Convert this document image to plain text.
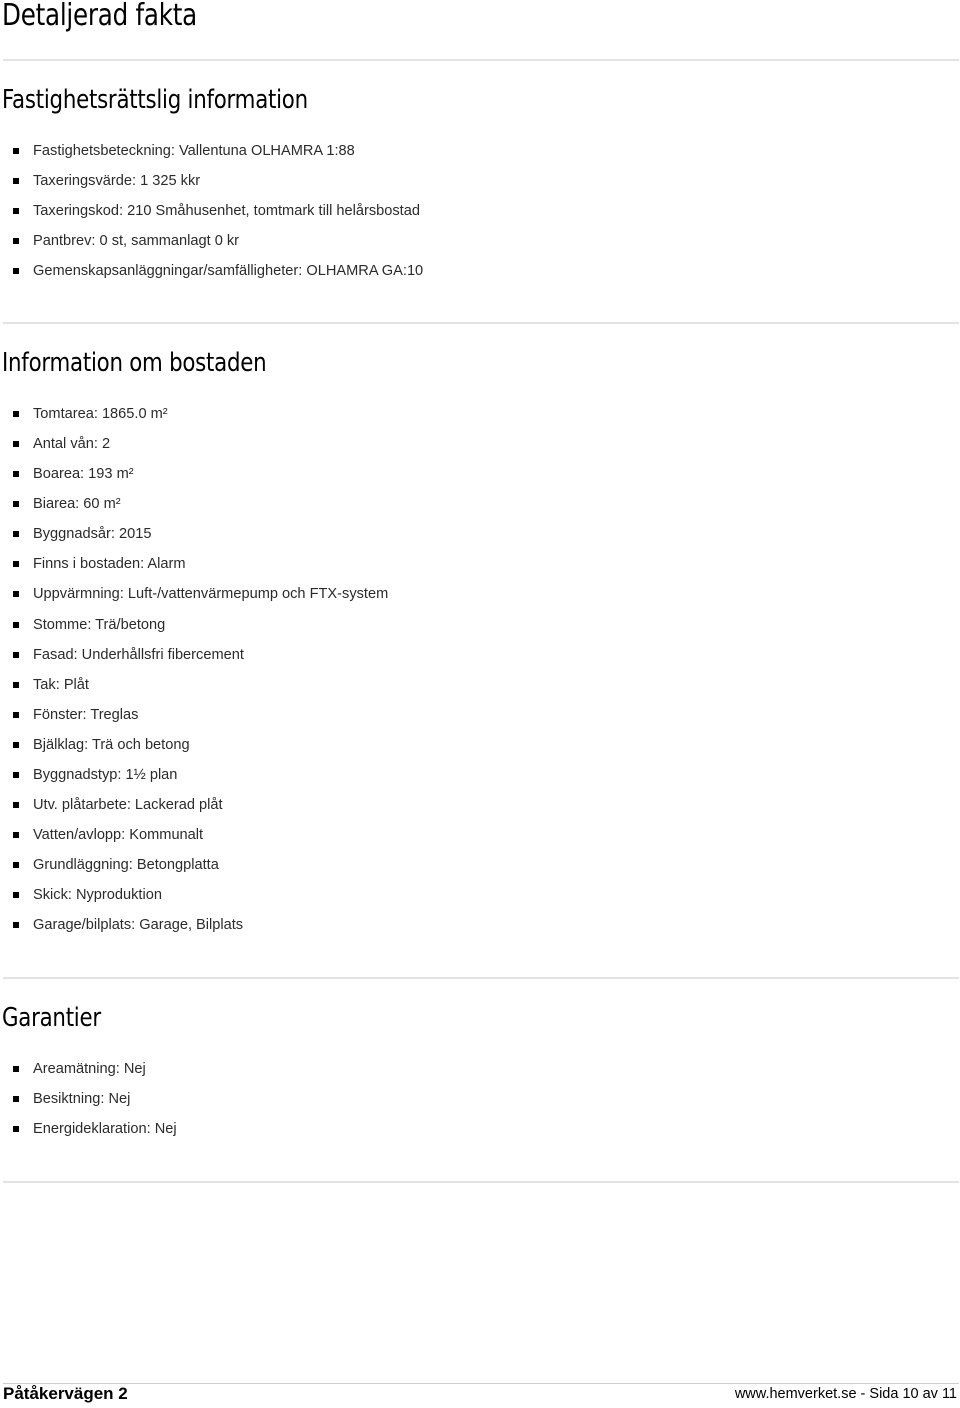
Detaljerad fakta
Fastighetsrättslig information
Fastighetsbeteckning: Vallentuna OLHAMRA 1:88
Taxeringsvärde: 1 325 kkr
Taxeringskod: 210 Småhusenhet, tomtmark till helårsbostad
Pantbrev: 0 st, sammanlagt 0 kr
Gemenskapsanläggningar/samfälligheter: OLHAMRA GA:10
Information om bostaden
Tomtarea: 1865.0 m²
Antal vån: 2
Boarea: 193 m²
Biarea: 60 m²
Byggnadsår: 2015
Finns i bostaden: Alarm
Uppvärmning: Luft-/vattenvärmepump och FTX-system
Stomme: Trä/betong
Fasad: Underhållsfri fibercement
Tak: Plåt
Fönster: Treglas
Bjälklag: Trä och betong
Byggnadstyp: 1½ plan
Utv. plåtarbete: Lackerad plåt
Vatten/avlopp: Kommunalt
Grundläggning: Betongplatta
Skick: Nyproduktion
Garage/bilplats: Garage, Bilplats
Garantier
Areamätning: Nej
Besiktning: Nej
Energideklaration: Nej
Påtåkervägen 2	www.hemverket.se - Sida 10 av 11
